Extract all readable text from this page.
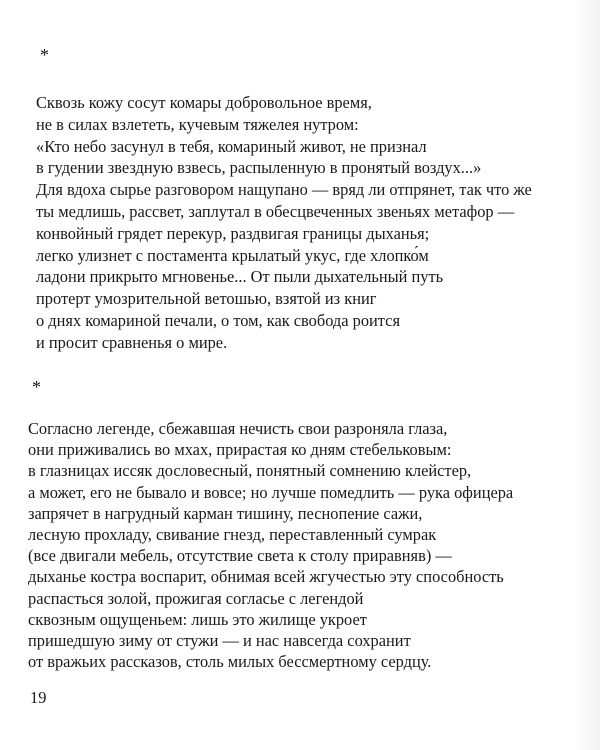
*
Сквозь кожу сосут комары добровольное время,
не в силах взлететь, кучевым тяжелея нутром:
«Кто небо засунул в тебя, комариный живот, не признал
в гудении звездную взвесь, распыленную в пронятый воздух...»
Для вдоха сырье разговором нащупано — вряд ли отпрянет, так что же
ты медлишь, рассвет, заплутал в обесцвеченных звеньях метафор —
конвойный грядет перекур, раздвигая границы дыханья;
легко улизнет с постамента крылатый укус, где хлопко́м
ладони прикрыто мгновенье... От пыли дыхательный путь
протерт умозрительной ветошью, взятой из книг
о днях комариной печали, о том, как свобода роится
и просит сравненья о мире.
*
Согласно легенде, сбежавшая нечисть свои разроняла глаза,
они приживались во мхах, прирастая ко дням стебельковым:
в глазницах иссяк дословесный, понятный сомнению клейстер,
а может, его не бывало и вовсе; но лучше помедлить — рука офицера
запрячет в нагрудный карман тишину, песнопение сажи,
лесную прохладу, свивание гнезд, переставленный сумрак
(все двигали мебель, отсутствие света к столу приравняв) —
дыханье костра воспарит, обнимая всей жгучестью эту способность
распасться золой, прожигая согласье с легендой
сквозным ощущеньем: лишь это жилище укроет
пришедшую зиму от стужи — и нас навсегда сохранит
от вражьих рассказов, столь милых бессмертному сердцу.
19
